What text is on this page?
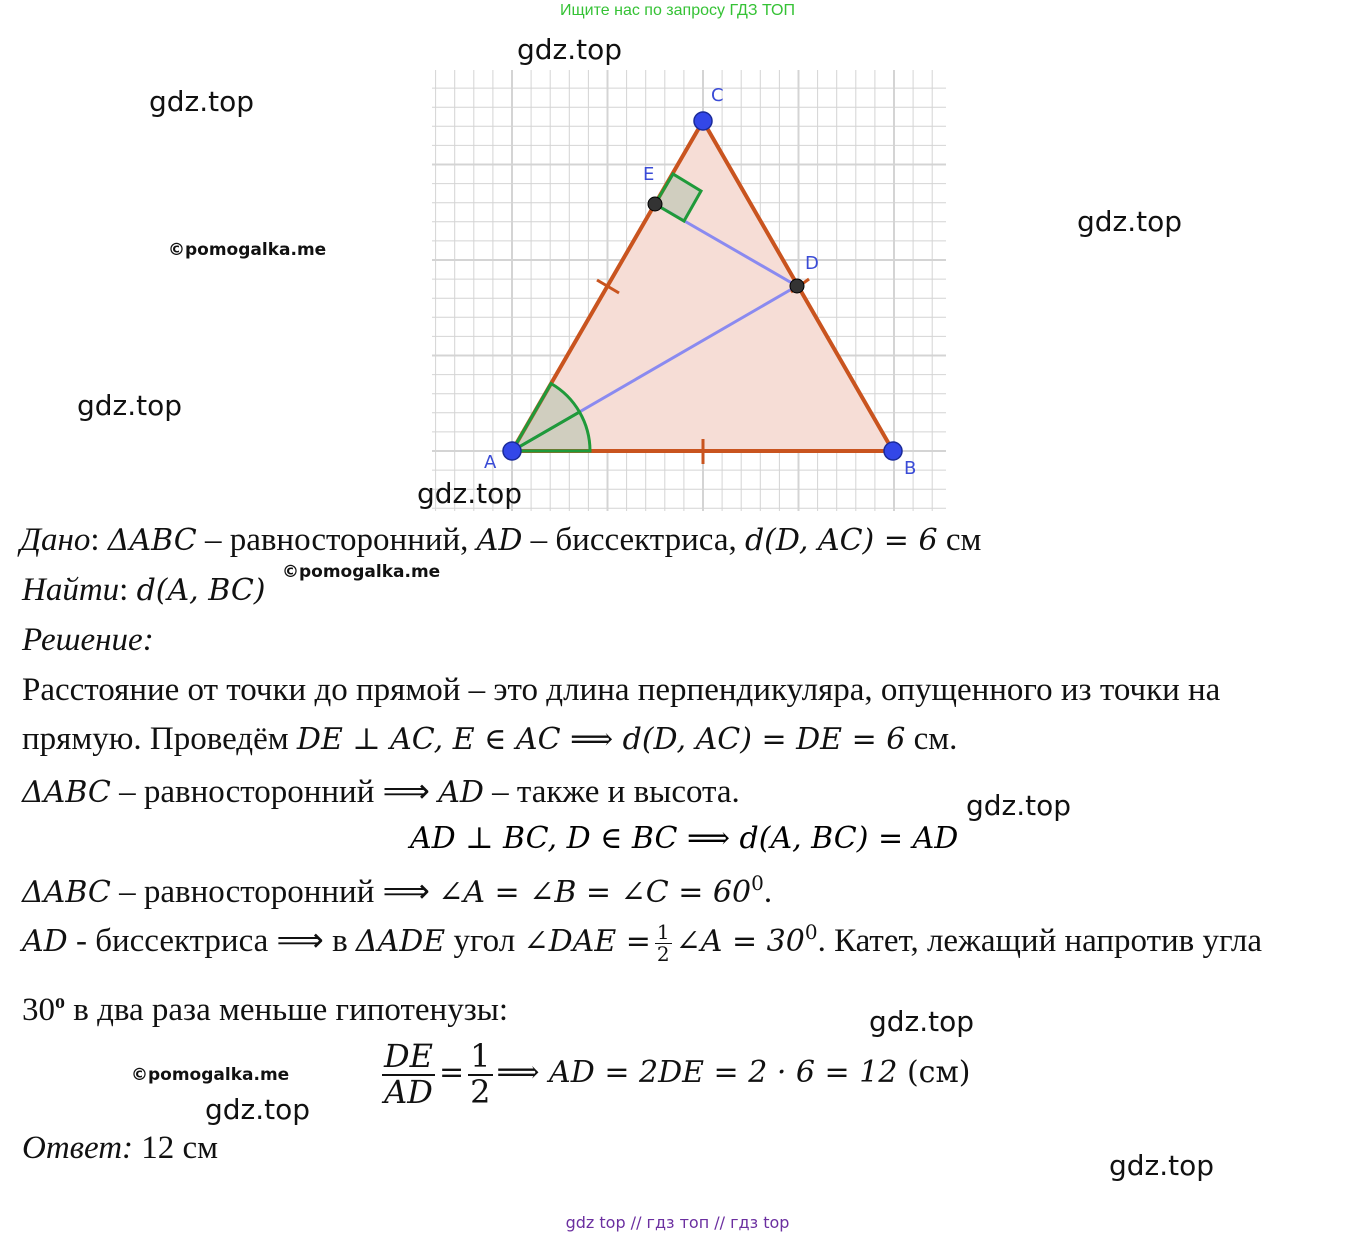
Ищите нас по запросу ГДЗ ТОП
A	B
C
D
E
gdz.top
gdz.top
gdz.top
gdz.top
gdz.top
gdz.top
gdz.top
gdz.top
gdz.top
©pomogalka.me
©pomogalka.me
©pomogalka.me
Дано: ΔABC – равносторонний, AD – биссектриса, d(D, AC) = 6 см
Найти: d(A, BC)
Решение:
Расстояние от точки до прямой – это длина перпендикуляра, опущенного из точки на
прямую. Проведём DE ⊥ AC, E ∈ AC ⟹ d(D, AC) = DE = 6 см.
ΔABC – равносторонний ⟹ AD – также и высота.
AD ⊥ BC, D ∈ BC ⟹ d(A, BC) = AD
ΔABC – равносторонний ⟹ ∠A = ∠B = ∠C = $60^0$.
AD - биссектриса ⟹ в ΔADE угол ∠DAE = $\frac{1}{2}$ ∠A = $30^0$. Катет, лежащий напротив угла
30$^o$ в два раза меньше гипотенузы:
$\frac{DE}{AD} = \frac{1}{2}$ ⟹ AD = 2DE = 2 · 6 = 12 (см)
Ответ: 12 см
gdz top // гдз топ // гдз top
